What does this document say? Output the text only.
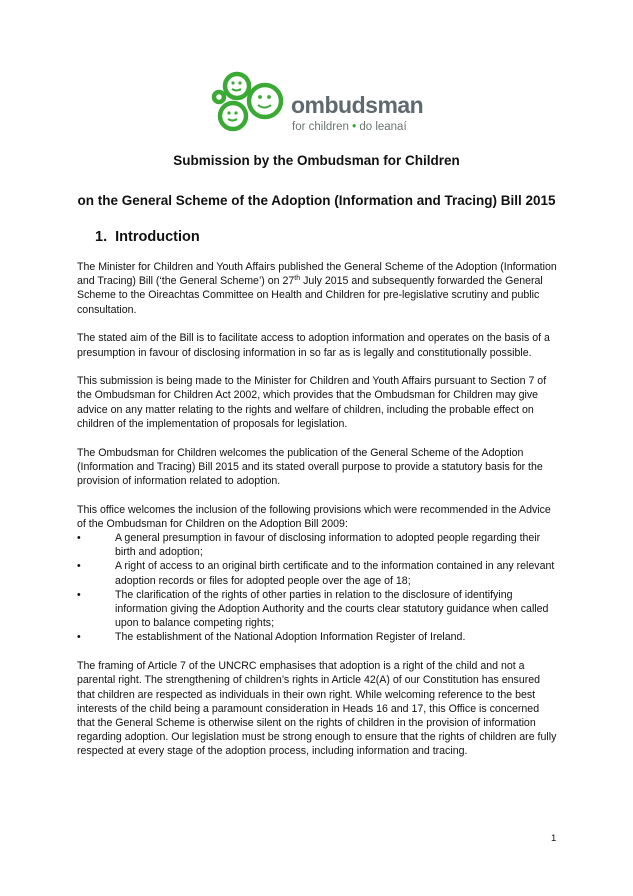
ombudsman
for children • do leanaí
Submission by the Ombudsman for Children
on the General Scheme of the Adoption (Information and Tracing) Bill 2015
1.  Introduction

The Minister for Children and Youth Affairs published the General Scheme of the Adoption (Information and Tracing) Bill (‘the General Scheme’) on 27th July 2015 and subsequently forwarded the General Scheme to the Oireachtas Committee on Health and Children for pre-legislative scrutiny and public consultation.

The stated aim of the Bill is to facilitate access to adoption information and operates on the basis of a presumption in favour of disclosing information in so far as is legally and constitutionally possible.

This submission is being made to the Minister for Children and Youth Affairs pursuant to Section 7 of the Ombudsman for Children Act 2002, which provides that the Ombudsman for Children may give advice on any matter relating to the rights and welfare of children, including the probable effect on children of the implementation of proposals for legislation.

The Ombudsman for Children welcomes the publication of the General Scheme of the Adoption (Information and Tracing) Bill 2015 and its stated overall purpose to provide a statutory basis for the provision of information related to adoption.

This office welcomes the inclusion of the following provisions which were recommended in the Advice of the Ombudsman for Children on the Adoption Bill 2009:

•	A general presumption in favour of disclosing information to adopted people regarding their birth and adoption;
•	A right of access to an original birth certificate and to the information contained in any relevant adoption records or files for adopted people over the age of 18;
•	The clarification of the rights of other parties in relation to the disclosure of identifying information giving the Adoption Authority and the courts clear statutory guidance when called upon to balance competing rights;
•	The establishment of the National Adoption Information Register of Ireland.

The framing of Article 7 of the UNCRC emphasises that adoption is a right of the child and not a parental right. The strengthening of children’s rights in Article 42(A) of our Constitution has ensured that children are respected as individuals in their own right. While welcoming reference to the best interests of the child being a paramount consideration in Heads 16 and 17, this Office is concerned that the General Scheme is otherwise silent on the rights of children in the provision of information regarding adoption. Our legislation must be strong enough to ensure that the rights of children are fully respected at every stage of the adoption process, including information and tracing.

1
